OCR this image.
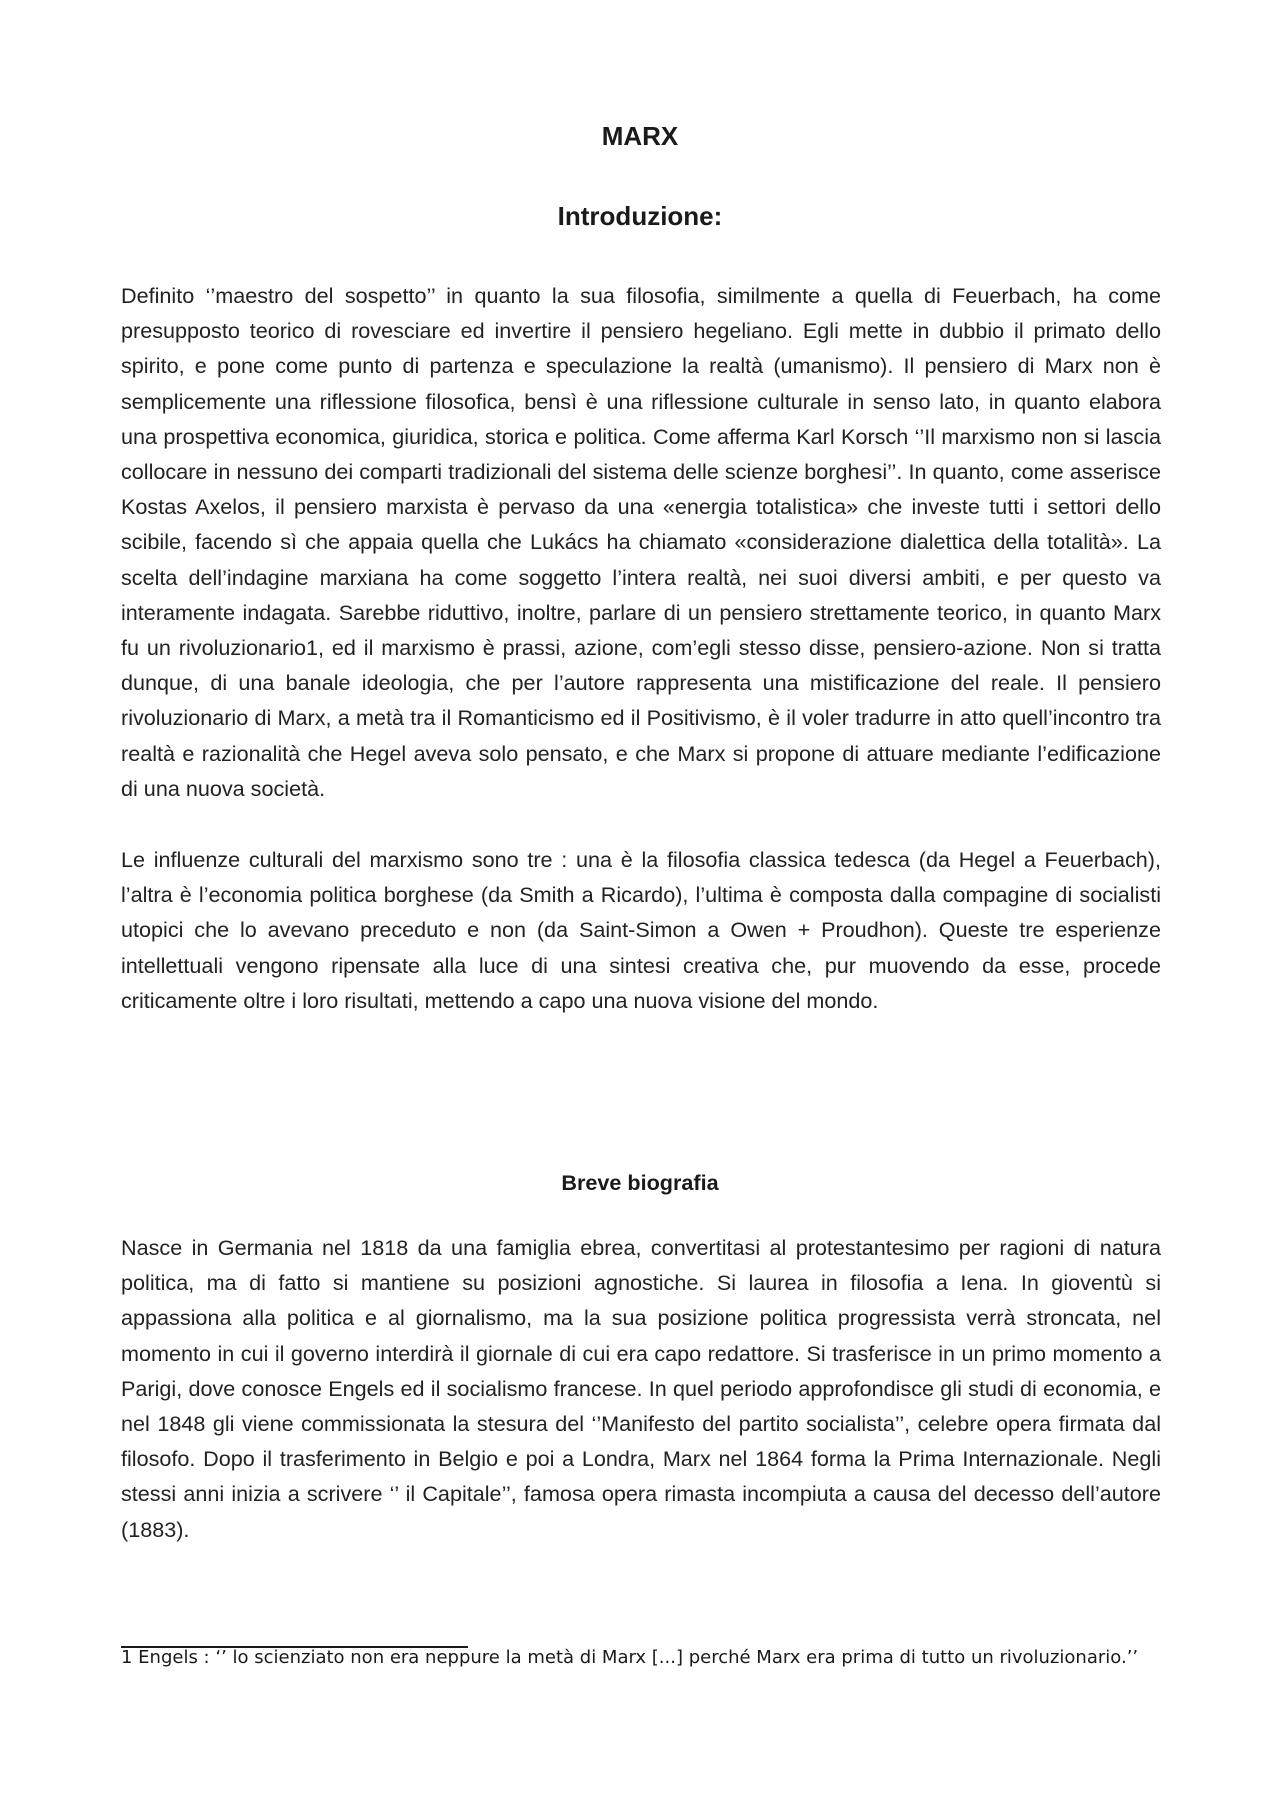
MARX
Introduzione:

Definito ‘’maestro del sospetto’’ in quanto la sua filosofia, similmente a quella di Feuerbach, ha come presupposto teorico di rovesciare ed invertire il pensiero hegeliano. Egli mette in dubbio il primato dello spirito, e pone come punto di partenza e speculazione la realtà (umanismo). Il pensiero di Marx non è semplicemente una riflessione filosofica, bensì è una riflessione culturale in senso lato, in quanto elabora una prospettiva economica, giuridica, storica e politica. Come afferma Karl Korsch ‘’Il marxismo non si lascia collocare in nessuno dei comparti tradizionali del sistema delle scienze borghesi’’. In quanto, come asserisce Kostas Axelos, il pensiero marxista è pervaso da una «energia totalistica» che investe tutti i settori dello scibile, facendo sì che appaia quella che Lukács ha chiamato «considerazione dialettica della totalità». La scelta dell’indagine marxiana ha come soggetto l’intera realtà, nei suoi diversi ambiti, e per questo va interamente indagata. Sarebbe riduttivo, inoltre, parlare di un pensiero strettamente teorico, in quanto Marx fu un rivoluzionario1, ed il marxismo è prassi, azione, com’egli stesso disse, pensiero-azione. Non si tratta dunque, di una banale ideologia, che per l’autore rappresenta una mistificazione del reale. Il pensiero rivoluzionario di Marx, a metà tra il Romanticismo ed il Positivismo, è il voler tradurre in atto quell’incontro tra realtà e razionalità che Hegel aveva solo pensato, e che Marx si propone di attuare mediante l’edificazione di una nuova società.

Le influenze culturali del marxismo sono tre : una è la filosofia classica tedesca (da Hegel a Feuerbach), l’altra è l’economia politica borghese (da Smith a Ricardo), l’ultima è composta dalla compagine di socialisti utopici che lo avevano preceduto e non (da Saint-Simon a Owen + Proudhon). Queste tre esperienze intellettuali vengono ripensate alla luce di una sintesi creativa che, pur muovendo da esse, procede criticamente oltre i loro risultati, mettendo a capo una nuova visione del mondo.

Breve biografia

Nasce in Germania nel 1818 da una famiglia ebrea, convertitasi al protestantesimo per ragioni di natura politica, ma di fatto si mantiene su posizioni agnostiche. Si laurea in filosofia a Iena. In gioventù si appassiona alla politica e al giornalismo, ma la sua posizione politica progressista verrà stroncata, nel momento in cui il governo interdirà il giornale di cui era capo redattore. Si trasferisce in un primo momento a Parigi, dove conosce Engels ed il socialismo francese. In quel periodo approfondisce gli studi di economia, e nel 1848 gli viene commissionata la stesura del ‘’Manifesto del partito socialista’’, celebre opera firmata dal filosofo. Dopo il trasferimento in Belgio e poi a Londra, Marx nel 1864 forma la Prima Internazionale. Negli stessi anni inizia a scrivere ‘’ il Capitale’’, famosa opera rimasta incompiuta a causa del decesso dell’autore (1883).

1 Engels : ‘’ lo scienziato non era neppure la metà di Marx [...] perché Marx era prima di tutto un rivoluzionario.’’
